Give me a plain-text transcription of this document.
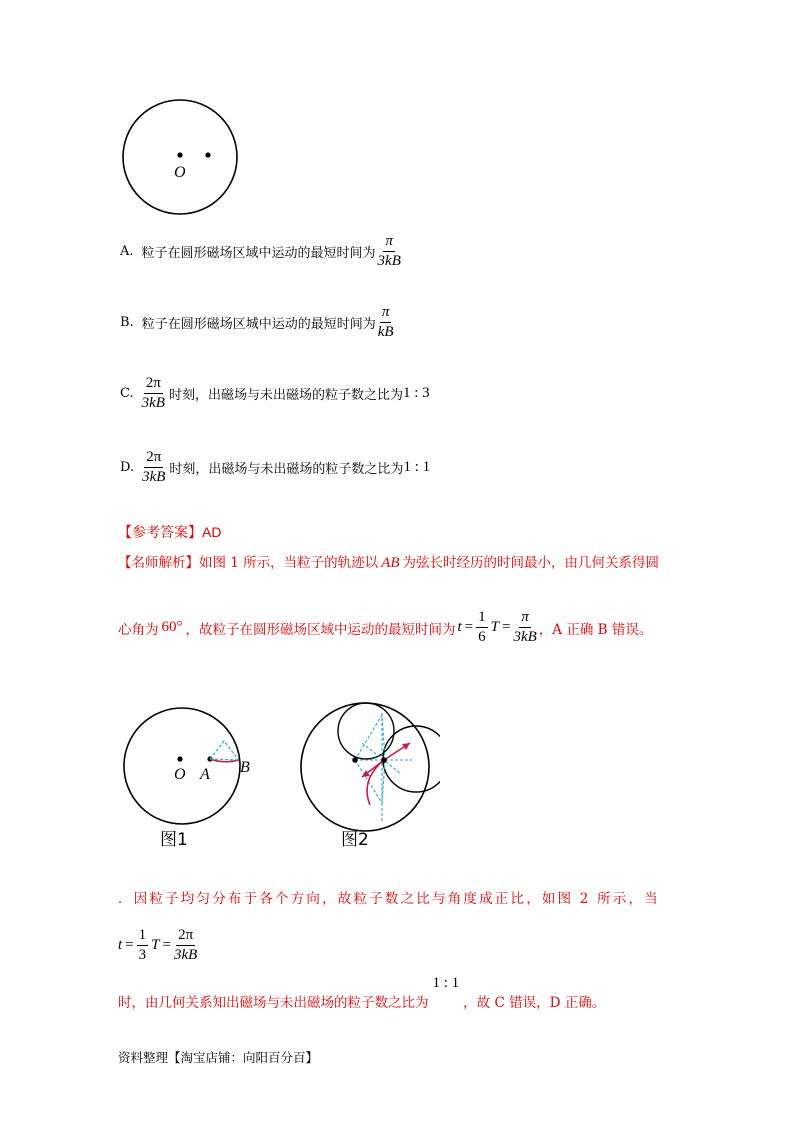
O
A. 粒子在圆形磁场区域中运动的最短时间为 $\frac{\pi}{3kB}$
B. 粒子在圆形磁场区城中运动的最短时间为 $\frac{\pi}{kB}$
C. $\frac{2\pi}{3kB}$ 时刻，出磁场与未出磁场的粒子数之比为 1 : 3
D. $\frac{2\pi}{3kB}$ 时刻，出磁场与未出磁场的粒子数之比为 1 : 1
【参考答案】AD
【名师解析】如图 1 所示，当粒子的轨迹以 AB 为弦长时经历的时间最小，由几何关系得圆
心角为 60° ，故粒子在圆形磁场区域中运动的最短时间为 $t = \frac{1}{6}$ $T = \frac{\pi}{3kB}$ ，A 正确 B 错误。
O A B
图1	图2
．因粒子均匀分布于各个方向，故粒子数之比与角度成正比，如图 2 所示，当
$t = \frac{1}{3}$ $T = \frac{2\pi}{3kB}$
时，由几何关系知出磁场与未出磁场的粒子数之比为
1 : 1
，故 C 错误，D 正确。
资料整理【淘宝店铺：向阳百分百】
